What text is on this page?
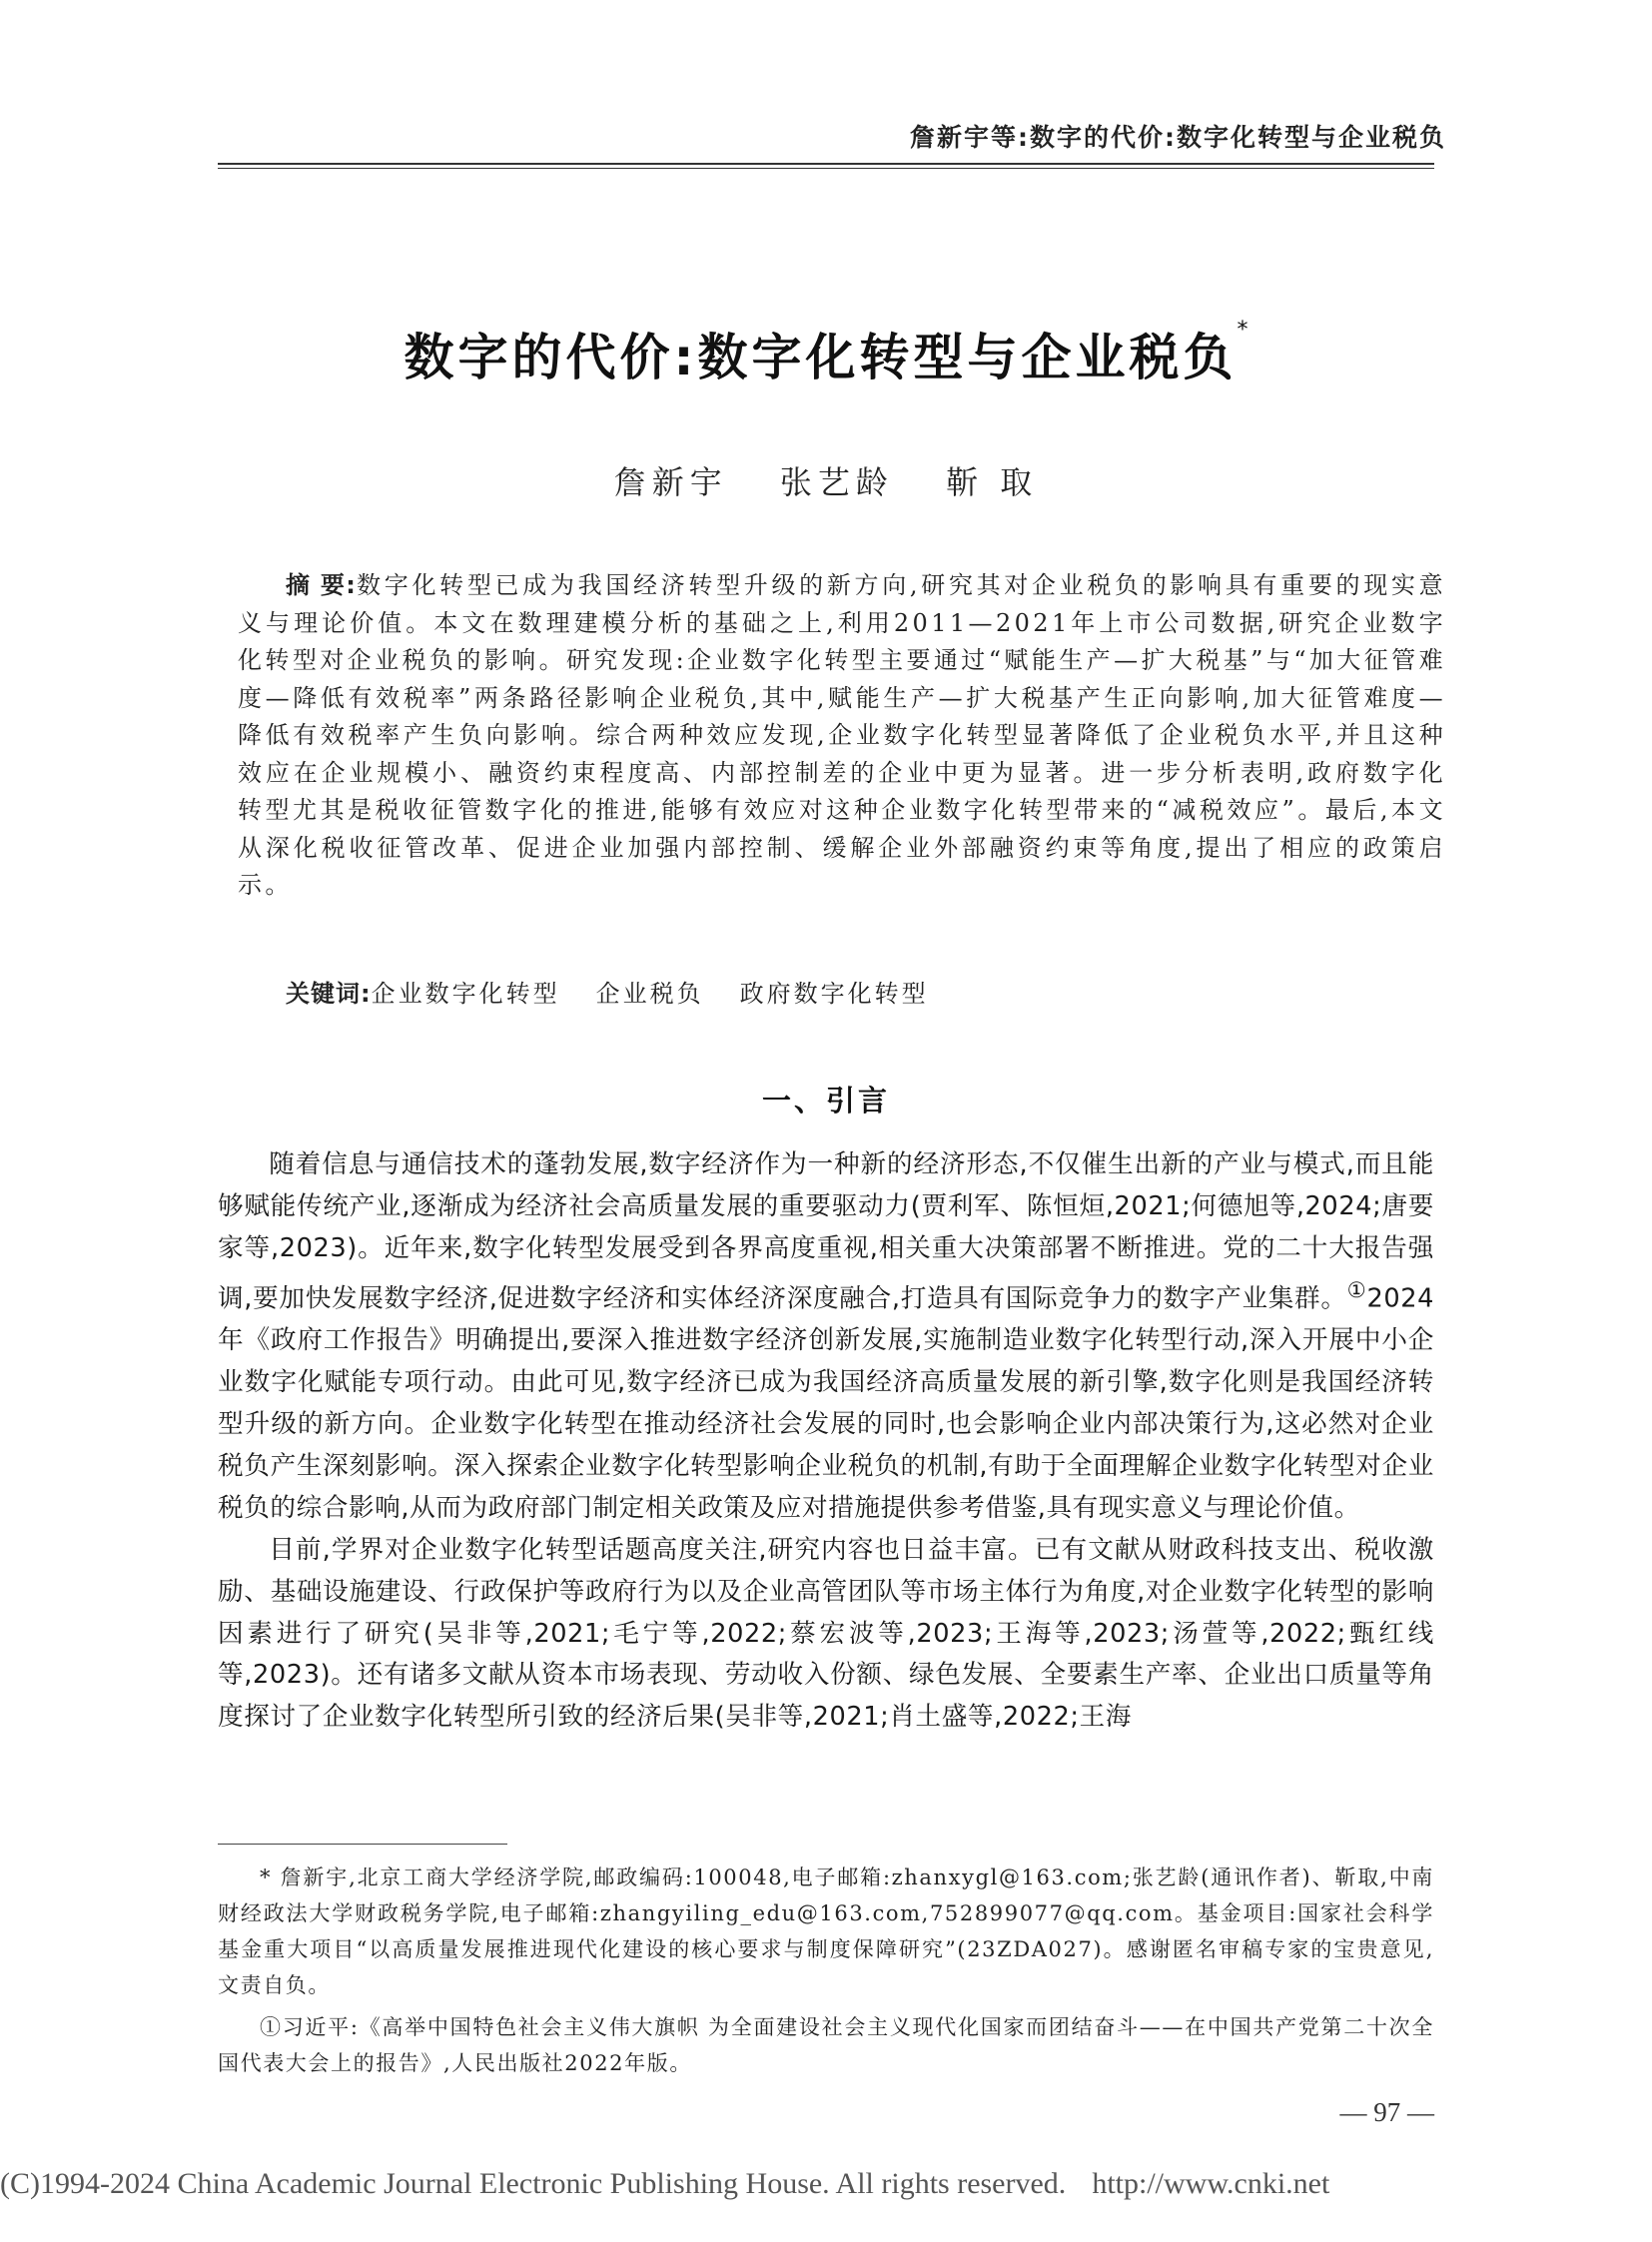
詹新宇等:数字的代价:数字化转型与企业税负
数字的代价:数字化转型与企业税负*
詹新宇 张艺龄 靳 取
摘 要:数字化转型已成为我国经济转型升级的新方向,研究其对企业税负的影响具有重要的现实意义与理论价值。本文在数理建模分析的基础之上,利用2011—2021年上市公司数据,研究企业数字化转型对企业税负的影响。研究发现:企业数字化转型主要通过“赋能生产—扩大税基”与“加大征管难度—降低有效税率”两条路径影响企业税负,其中,赋能生产—扩大税基产生正向影响,加大征管难度—降低有效税率产生负向影响。综合两种效应发现,企业数字化转型显著降低了企业税负水平,并且这种效应在企业规模小、融资约束程度高、内部控制差的企业中更为显著。进一步分析表明,政府数字化转型尤其是税收征管数字化的推进,能够有效应对这种企业数字化转型带来的“减税效应”。最后,本文从深化税收征管改革、促进企业加强内部控制、缓解企业外部融资约束等角度,提出了相应的政策启示。
关键词:企业数字化转型 企业税负 政府数字化转型
一、引言

随着信息与通信技术的蓬勃发展,数字经济作为一种新的经济形态,不仅催生出新的产业与模式,而且能够赋能传统产业,逐渐成为经济社会高质量发展的重要驱动力(贾利军、陈恒烜,2021;何德旭等,2024;唐要家等,2023)。近年来,数字化转型发展受到各界高度重视,相关重大决策部署不断推进。党的二十大报告强调,要加快发展数字经济,促进数字经济和实体经济深度融合,打造具有国际竞争力的数字产业集群。①2024年《政府工作报告》明确提出,要深入推进数字经济创新发展,实施制造业数字化转型行动,深入开展中小企业数字化赋能专项行动。由此可见,数字经济已成为我国经济高质量发展的新引擎,数字化则是我国经济转型升级的新方向。企业数字化转型在推动经济社会发展的同时,也会影响企业内部决策行为,这必然对企业税负产生深刻影响。深入探索企业数字化转型影响企业税负的机制,有助于全面理解企业数字化转型对企业税负的综合影响,从而为政府部门制定相关政策及应对措施提供参考借鉴,具有现实意义与理论价值。

目前,学界对企业数字化转型话题高度关注,研究内容也日益丰富。已有文献从财政科技支出、税收激励、基础设施建设、行政保护等政府行为以及企业高管团队等市场主体行为角度,对企业数字化转型的影响因素进行了研究(吴非等,2021;毛宁等,2022;蔡宏波等,2023;王海等,2023;汤萱等,2022;甄红线等,2023)。还有诸多文献从资本市场表现、劳动收入份额、绿色发展、全要素生产率、企业出口质量等角度探讨了企业数字化转型所引致的经济后果(吴非等,2021;肖土盛等,2022;王海

* 詹新宇,北京工商大学经济学院,邮政编码:100048,电子邮箱:zhanxygl@163.com;张艺龄(通讯作者)、靳取,中南财经政法大学财政税务学院,电子邮箱:zhangyiling_edu@163.com,752899077@qq.com。基金项目:国家社会科学基金重大项目“以高质量发展推进现代化建设的核心要求与制度保障研究”(23ZDA027)。感谢匿名审稿专家的宝贵意见,文责自负。

①习近平:《高举中国特色社会主义伟大旗帜 为全面建设社会主义现代化国家而团结奋斗——在中国共产党第二十次全国代表大会上的报告》,人民出版社2022年版。

— 97 —
(C)1994-2024 China Academic Journal Electronic Publishing House. All rights reserved. http://www.cnki.net
